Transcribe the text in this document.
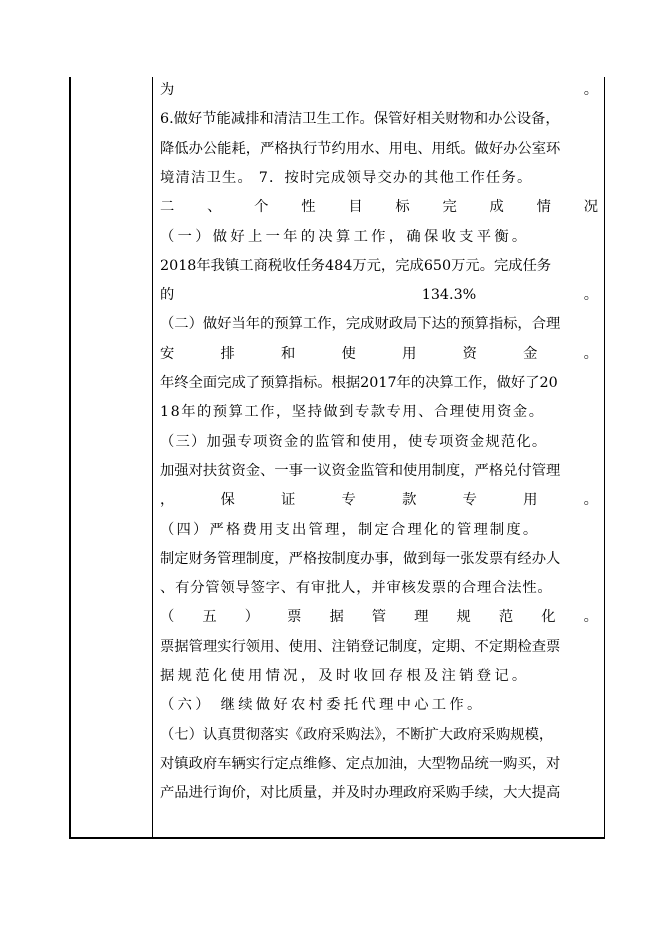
为	。
6.做好节能减排和清洁卫生工作。保管好相关财物和办公设备，
降低办公能耗，严格执行节约用水、用电、用纸。做好办公室环
境清洁卫生。 7．按时完成领导交办的其他工作任务。
二 、 个 性 目 标 完 成 情 况
（一）做好上一年的决算工作，确保收支平衡。
2018年我镇工商税收任务484万元，完成650万元。完成任务
的	134.3%	。
（二）做好当年的预算工作，完成财政局下达的预算指标，合理
安	排	和	使	用	资	金	。
年终全面完成了预算指标。根据2017年的决算工作，做好了20
18年的预算工作，坚持做到专款专用、合理使用资金。
（三）加强专项资金的监管和使用，使专项资金规范化。
加强对扶贫资金、一事一议资金监管和使用制度，严格兑付管理
，	保	证	专	款	专	用	。
（四）严格费用支出管理，制定合理化的管理制度。
制定财务管理制度，严格按制度办事，做到每一张发票有经办人
、有分管领导签字、有审批人，并审核发票的合理合法性。
（ 五 ） 票 据 管 理 规 范 化 。
票据管理实行领用、使用、注销登记制度，定期、不定期检查票
据规范化使用情况，及时收回存根及注销登记。
（六） 继续做好农村委托代理中心工作。
（七）认真贯彻落实《政府采购法》，不断扩大政府采购规模，
对镇政府车辆实行定点维修、定点加油，大型物品统一购买，对
产品进行询价，对比质量，并及时办理政府采购手续，大大提高
